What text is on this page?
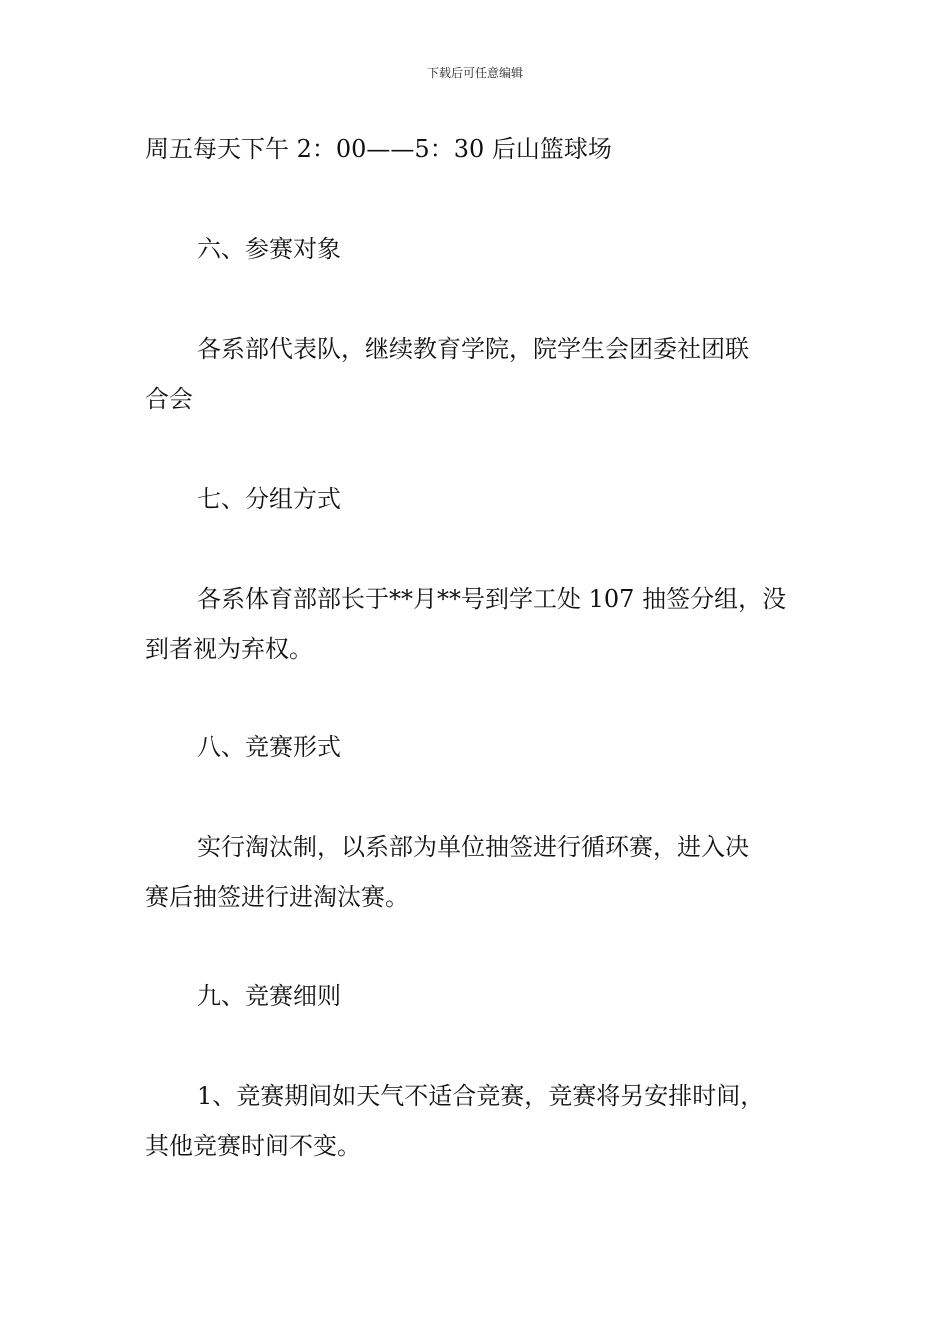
下载后可任意编辑

周五每天下午 2：00——5：30 后山篮球场

六、参赛对象

各系部代表队，继续教育学院，院学生会团委社团联
合会

七、分组方式

各系体育部部长于**月**号到学工处 107 抽签分组，没
到者视为弃权。

八、竞赛形式

实行淘汰制，以系部为单位抽签进行循环赛，进入决
赛后抽签进行进淘汰赛。

九、竞赛细则

1、竞赛期间如天气不适合竞赛，竞赛将另安排时间，
其他竞赛时间不变。
